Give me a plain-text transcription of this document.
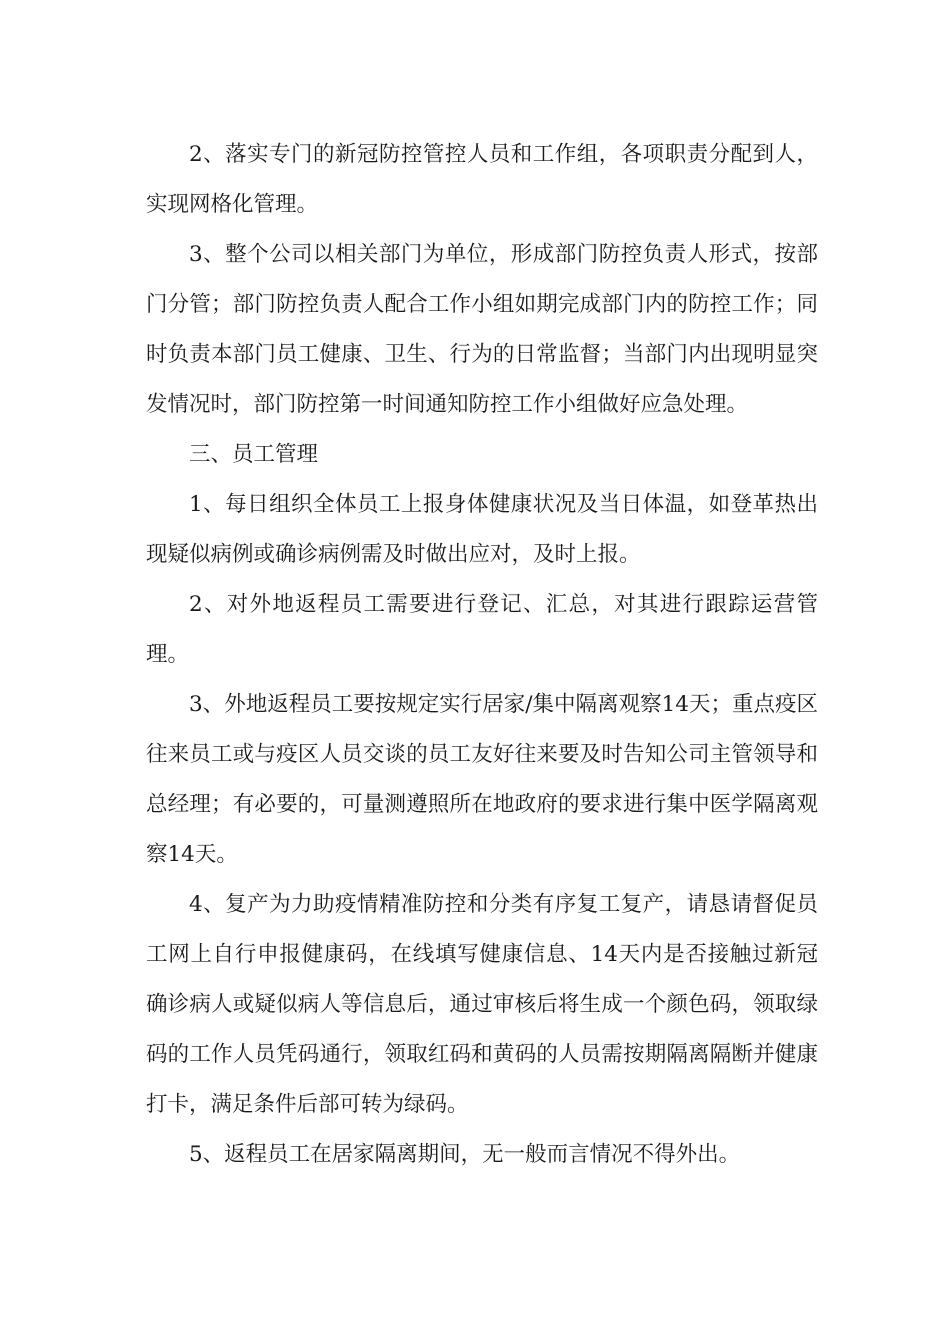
2、落实专门的新冠防控管控人员和工作组，各项职责分配到人，实现网格化管理。

3、整个公司以相关部门为单位，形成部门防控负责人形式，按部门分管；部门防控负责人配合工作小组如期完成部门内的防控工作；同时负责本部门员工健康、卫生、行为的日常监督；当部门内出现明显突发情况时，部门防控第一时间通知防控工作小组做好应急处理。

三、员工管理

1、每日组织全体员工上报身体健康状况及当日体温，如登革热出现疑似病例或确诊病例需及时做出应对，及时上报。

2、对外地返程员工需要进行登记、汇总，对其进行跟踪运营管理。

3、外地返程员工要按规定实行居家/集中隔离观察14天；重点疫区往来员工或与疫区人员交谈的员工友好往来要及时告知公司主管领导和总经理；有必要的，可量测遵照所在地政府的要求进行集中医学隔离观察14天。

4、复产为力助疫情精准防控和分类有序复工复产，请恳请督促员工网上自行申报健康码，在线填写健康信息、14天内是否接触过新冠确诊病人或疑似病人等信息后，通过审核后将生成一个颜色码，领取绿码的工作人员凭码通行，领取红码和黄码的人员需按期隔离隔断并健康打卡，满足条件后部可转为绿码。

5、返程员工在居家隔离期间，无一般而言情况不得外出。
